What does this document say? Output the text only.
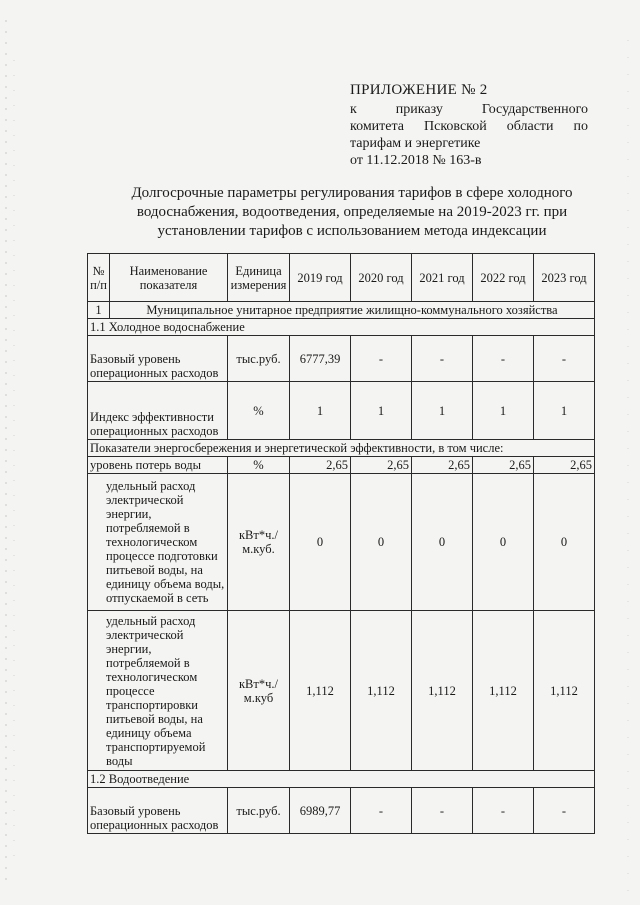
ПРИЛОЖЕНИЕ № 2
к приказу Государственного
комитета Псковской области по
тарифам и энергетике
от 11.12.2018 № 163-в
Долгосрочные параметры регулирования тарифов в сфере холодного
водоснабжения, водоотведения, определяемые на 2019-2023 гг. при
установлении тарифов с использованием метода индексации
№ п/п	Наименование показателя	Единица измерения	2019 год	2020 год	2021 год	2022 год	2023 год
1	Муниципальное унитарное предприятие жилищно-коммунального хозяйства						
1.1 Холодное водоснабжение							
Базовый уровень операционных расходов		тыс.руб.	6777,39	-	-	-	-
Индекс эффективности операционных расходов		%	1	1	1	1	1
Показатели энергосбережения и энергетической эффективности, в том числе:							
уровень потерь воды		%	2,65	2,65	2,65	2,65	2,65
удельный расход электрической энергии, потребляемой в технологическом процессе подготовки питьевой воды, на единицу объема воды, отпускаемой в сеть		кВт*ч./м.куб.	0	0	0	0	0
удельный расход электрической энергии, потребляемой в технологическом процессе транспортировки питьевой воды, на единицу объема транспортируемой воды		кВт*ч./м.куб	1,112	1,112	1,112	1,112	1,112
1.2 Водоотведение							
Базовый уровень операционных расходов		тыс.руб.	6989,77	-	-	-	-
